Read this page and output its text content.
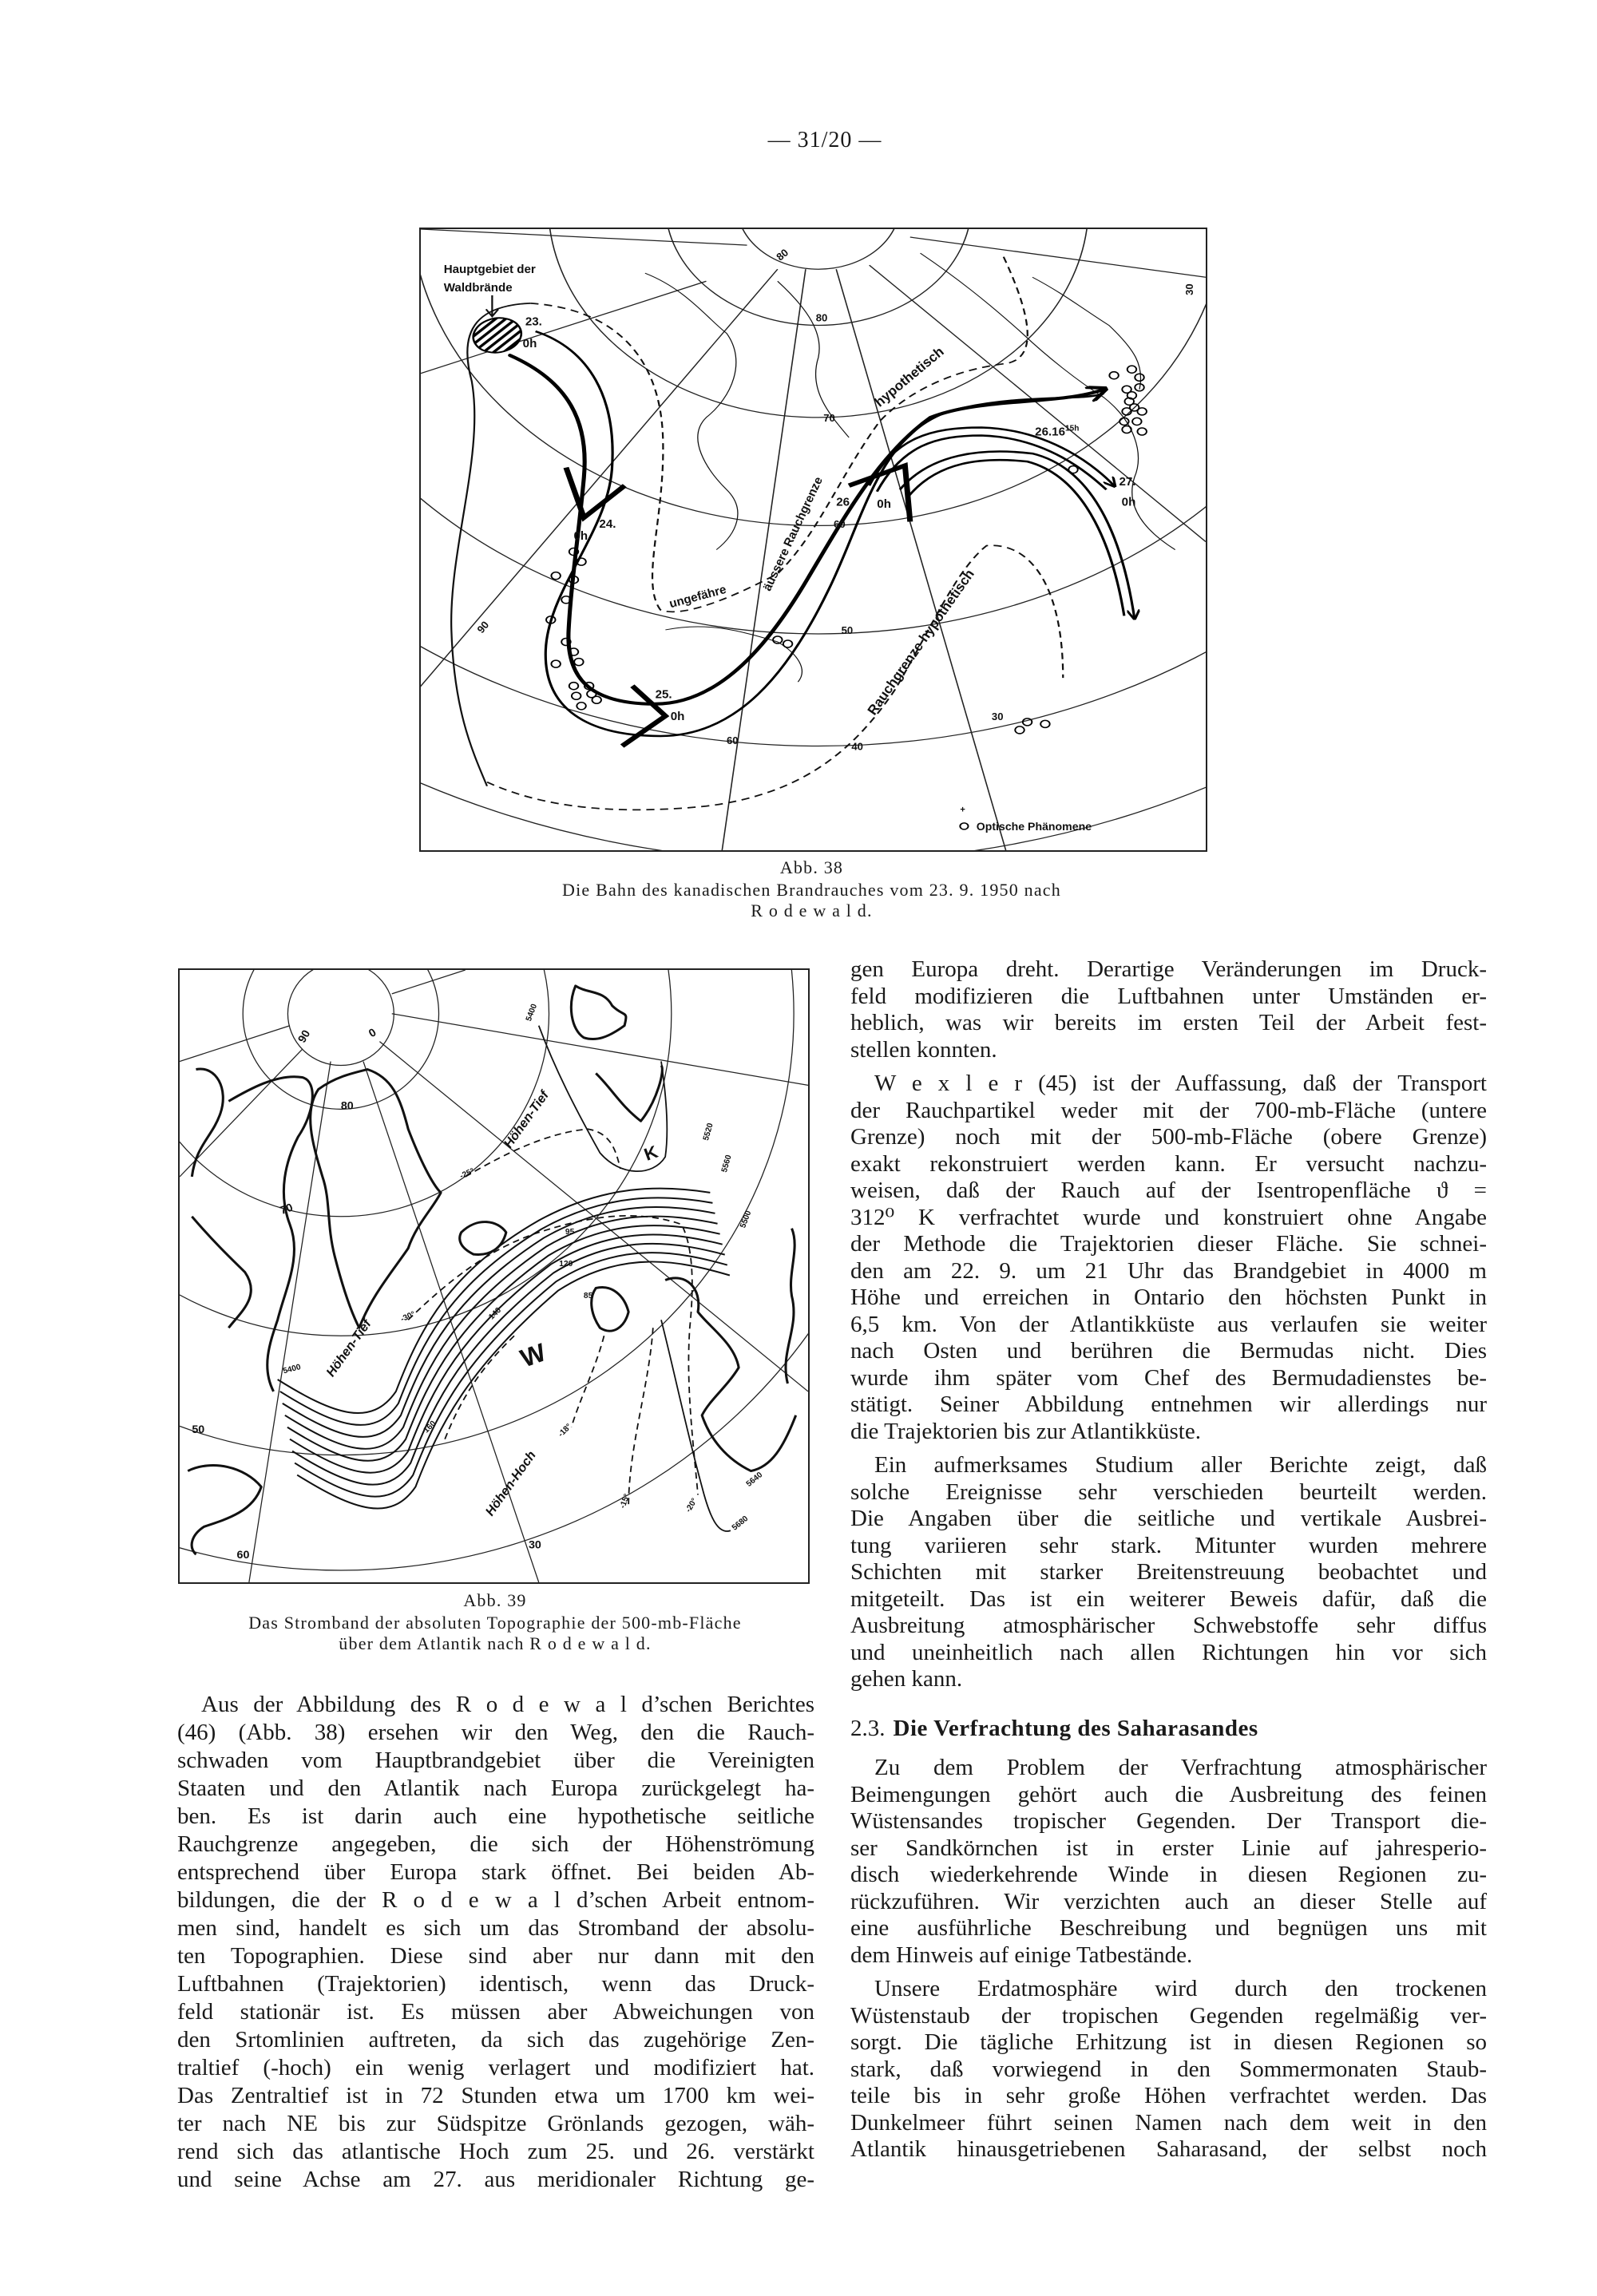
— 31/20 —
Hauptgebiet der
Waldbrände
23.
0h
24.
0h
25.
0h
26. 0h
$26.16^{15h}$
27.
0h
80
70
60
50
40
90
60
30
30
80
hypothetisch
äussere Rauchgrenze
ungefähre	Rauchgrenze hypothetisch
+
Optische Phänomene
Abb. 38
Die Bahn des kanadischen Brandrauches vom 23. 9. 1950 nach
R o d e w a l d.
90 0
80
70
60
50
30
Höhen-Tief
Höhen-Tief
Höhen-Hoch
W
K
-25°
-30°
-20°
-18°
-15°
5400
5400
5500
5560
5520
5640
5680
120
140
160
85
95
Abb. 39
Das Stromband der absoluten Topographie der 500-mb-Fläche
über dem Atlantik nach R o d e w a l d.
Aus der Abbildung des R o d e w a l d’schen Berichtes
(46) (Abb. 38) ersehen wir den Weg, den die Rauch-
schwaden vom Hauptbrandgebiet über die Vereinigten
Staaten und den Atlantik nach Europa zurückgelegt ha-
ben. Es ist darin auch eine hypothetische seitliche
Rauchgrenze angegeben, die sich der Höhenströmung
entsprechend über Europa stark öffnet. Bei beiden Ab-
bildungen, die der R o d e w a l d’schen Arbeit entnom-
men sind, handelt es sich um das Stromband der absolu-
ten Topographien. Diese sind aber nur dann mit den
Luftbahnen (Trajektorien) identisch, wenn das Druck-
feld stationär ist. Es müssen aber Abweichungen von
den Srtomlinien auftreten, da sich das zugehörige Zen-
traltief (-hoch) ein wenig verlagert und modifiziert hat.
Das Zentraltief ist in 72 Stunden etwa um 1700 km wei-
ter nach NE bis zur Südspitze Grönlands gezogen, wäh-
rend sich das atlantische Hoch zum 25. und 26. verstärkt
und seine Achse am 27. aus meridionaler Richtung ge-
gen Europa dreht. Derartige Veränderungen im Druck-
feld modifizieren die Luftbahnen unter Umständen er-
heblich, was wir bereits im ersten Teil der Arbeit fest-
stellen konnten.
W e x l e r (45) ist der Auffassung, daß der Transport
der Rauchpartikel weder mit der 700-mb-Fläche (untere
Grenze) noch mit der 500-mb-Fläche (obere Grenze)
exakt rekonstruiert werden kann. Er versucht nachzu-
weisen, daß der Rauch auf der Isentropenfläche ϑ =
312⁰ K verfrachtet wurde und konstruiert ohne Angabe
der Methode die Trajektorien dieser Fläche. Sie schnei-
den am 22. 9. um 21 Uhr das Brandgebiet in 4000 m
Höhe und erreichen in Ontario den höchsten Punkt in
6,5 km. Von der Atlantikküste aus verlaufen sie weiter
nach Osten und berühren die Bermudas nicht. Dies
wurde ihm später vom Chef des Bermudadienstes be-
stätigt. Seiner Abbildung entnehmen wir allerdings nur
die Trajektorien bis zur Atlantikküste.
Ein aufmerksames Studium aller Berichte zeigt, daß
solche Ereignisse sehr verschieden beurteilt werden.
Die Angaben über die seitliche und vertikale Ausbrei-
tung variieren sehr stark. Mitunter wurden mehrere
Schichten mit starker Breitenstreuung beobachtet und
mitgeteilt. Das ist ein weiterer Beweis dafür, daß die
Ausbreitung atmosphärischer Schwebstoffe sehr diffus
und uneinheitlich nach allen Richtungen hin vor sich
gehen kann.
2.3. Die Verfrachtung des Saharasandes
Zu dem Problem der Verfrachtung atmosphärischer
Beimengungen gehört auch die Ausbreitung des feinen
Wüstensandes tropischer Gegenden. Der Transport die-
ser Sandkörnchen ist in erster Linie auf jahresperio-
disch wiederkehrende Winde in diesen Regionen zu-
rückzuführen. Wir verzichten auch an dieser Stelle auf
eine ausführliche Beschreibung und begnügen uns mit
dem Hinweis auf einige Tatbestände.
Unsere Erdatmosphäre wird durch den trockenen
Wüstenstaub der tropischen Gegenden regelmäßig ver-
sorgt. Die tägliche Erhitzung ist in diesen Regionen so
stark, daß vorwiegend in den Sommermonaten Staub-
teile bis in sehr große Höhen verfrachtet werden. Das
Dunkelmeer führt seinen Namen nach dem weit in den
Atlantik hinausgetriebenen Saharasand, der selbst noch
